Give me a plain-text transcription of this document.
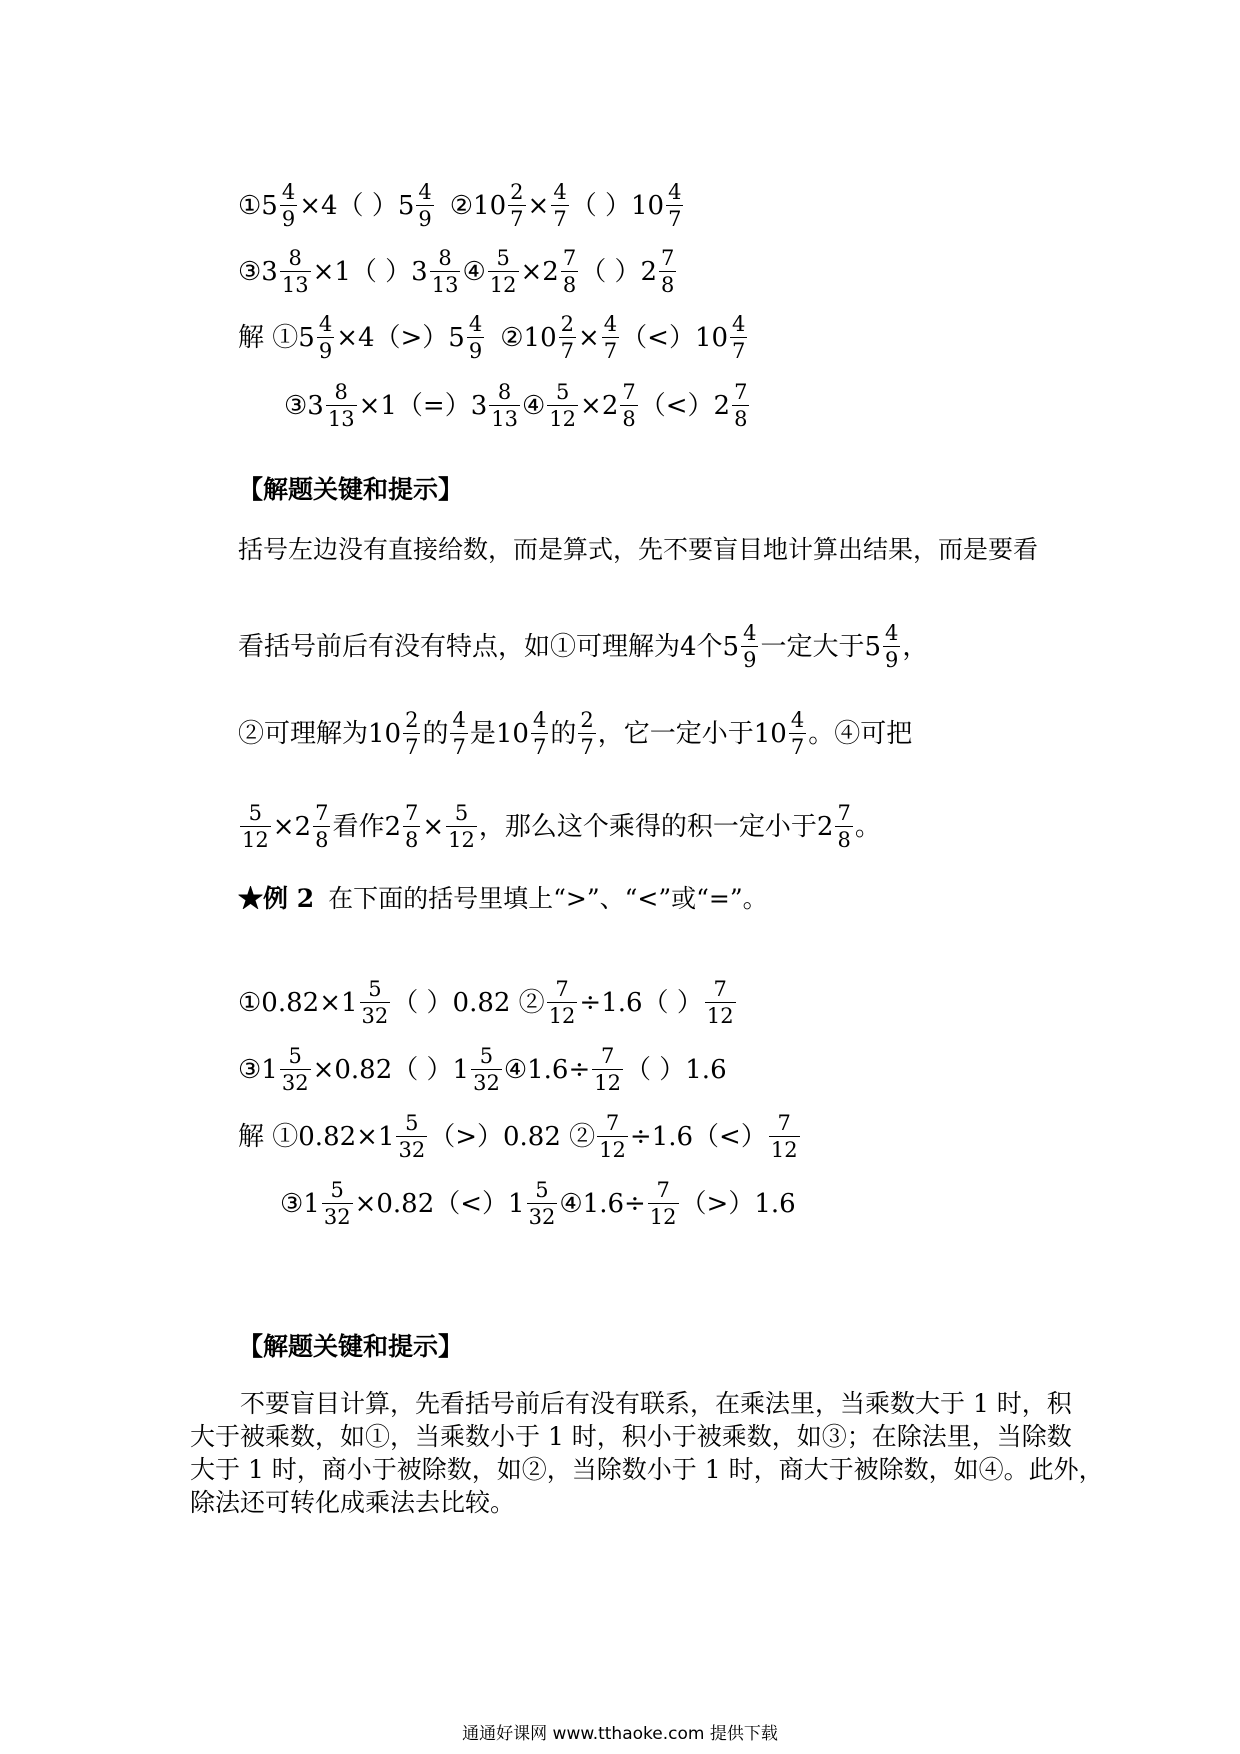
①5 $\frac{4}{9} \times 4$（ ）$5 \frac{4}{9}$ ②10 $\frac{2}{7} \times \frac{4}{7}$ （ ）$10 \frac{4}{7}$
③3 $\frac{8}{13} \times 1$（ ）$3 \frac{8}{13}$ ④ $\frac{5}{12} \times 2 \frac{7}{8}$ （ ）$2 \frac{7}{8}$
解 ①5 $\frac{4}{9} \times 4(>)5 \frac{4}{9}$ ②10 $\frac{2}{7} \times \frac{4}{7} (<)10 \frac{4}{7}$
③3 $\frac{8}{13} \times 1(=)3 \frac{8}{13}$ ④ $\frac{5}{12} \times 2 \frac{7}{8} (<)2 \frac{7}{8}$
【解题关键和提示】
括号左边没有直接给数，而是算式，先不要盲目地计算出结果，而是要看
看括号前后有没有特点，如①可理解为4个$5 \frac{4}{9}$ 一定大于$5 \frac{4}{9}$ ，
②可理解为$10 \frac{2}{7}$ 的 $\frac{4}{7}$ 是$10 \frac{4}{7}$ 的 $\frac{2}{7}$ ，它一定小于$10 \frac{4}{7}$ 。④可把
$\frac{5}{12} \times 2 \frac{7}{8}$ 看作$2 \frac{7}{8} \times \frac{5}{12}$ ，那么这个乘得的积一定小于$2 \frac{7}{8}$ 。
★例 2 在下面的括号里填上“>”、“<”或“=”。
①0.82×1 $\frac{5}{32}$ （ ）0.82 ② $\frac{7}{12} \div 1.6$（ ） $\frac{7}{12}$
③1 $\frac{5}{32} \times 0.82$（ ）$1 \frac{5}{32}$ ④1.6÷ $\frac{7}{12}$ （ ）1.6
解 ①0.82×1 $\frac{5}{32} (>)0.82$ ② $\frac{7}{12} \div 1.6(<) \frac{7}{12}$
③1 $\frac{5}{32} \times 0.82(<)1 \frac{5}{32}$ ④1.6÷ $\frac{7}{12} (>)1.6$
【解题关键和提示】
不要盲目计算，先看括号前后有没有联系，在乘法里，当乘数大于 1 时，积
大于被乘数，如①，当乘数小于 1 时，积小于被乘数，如③；在除法里，当除数
大于 1 时，商小于被除数，如②，当除数小于 1 时，商大于被除数，如④。此外，
除法还可转化成乘法去比较。
通通好课网 www.tthaoke.com 提供下载
